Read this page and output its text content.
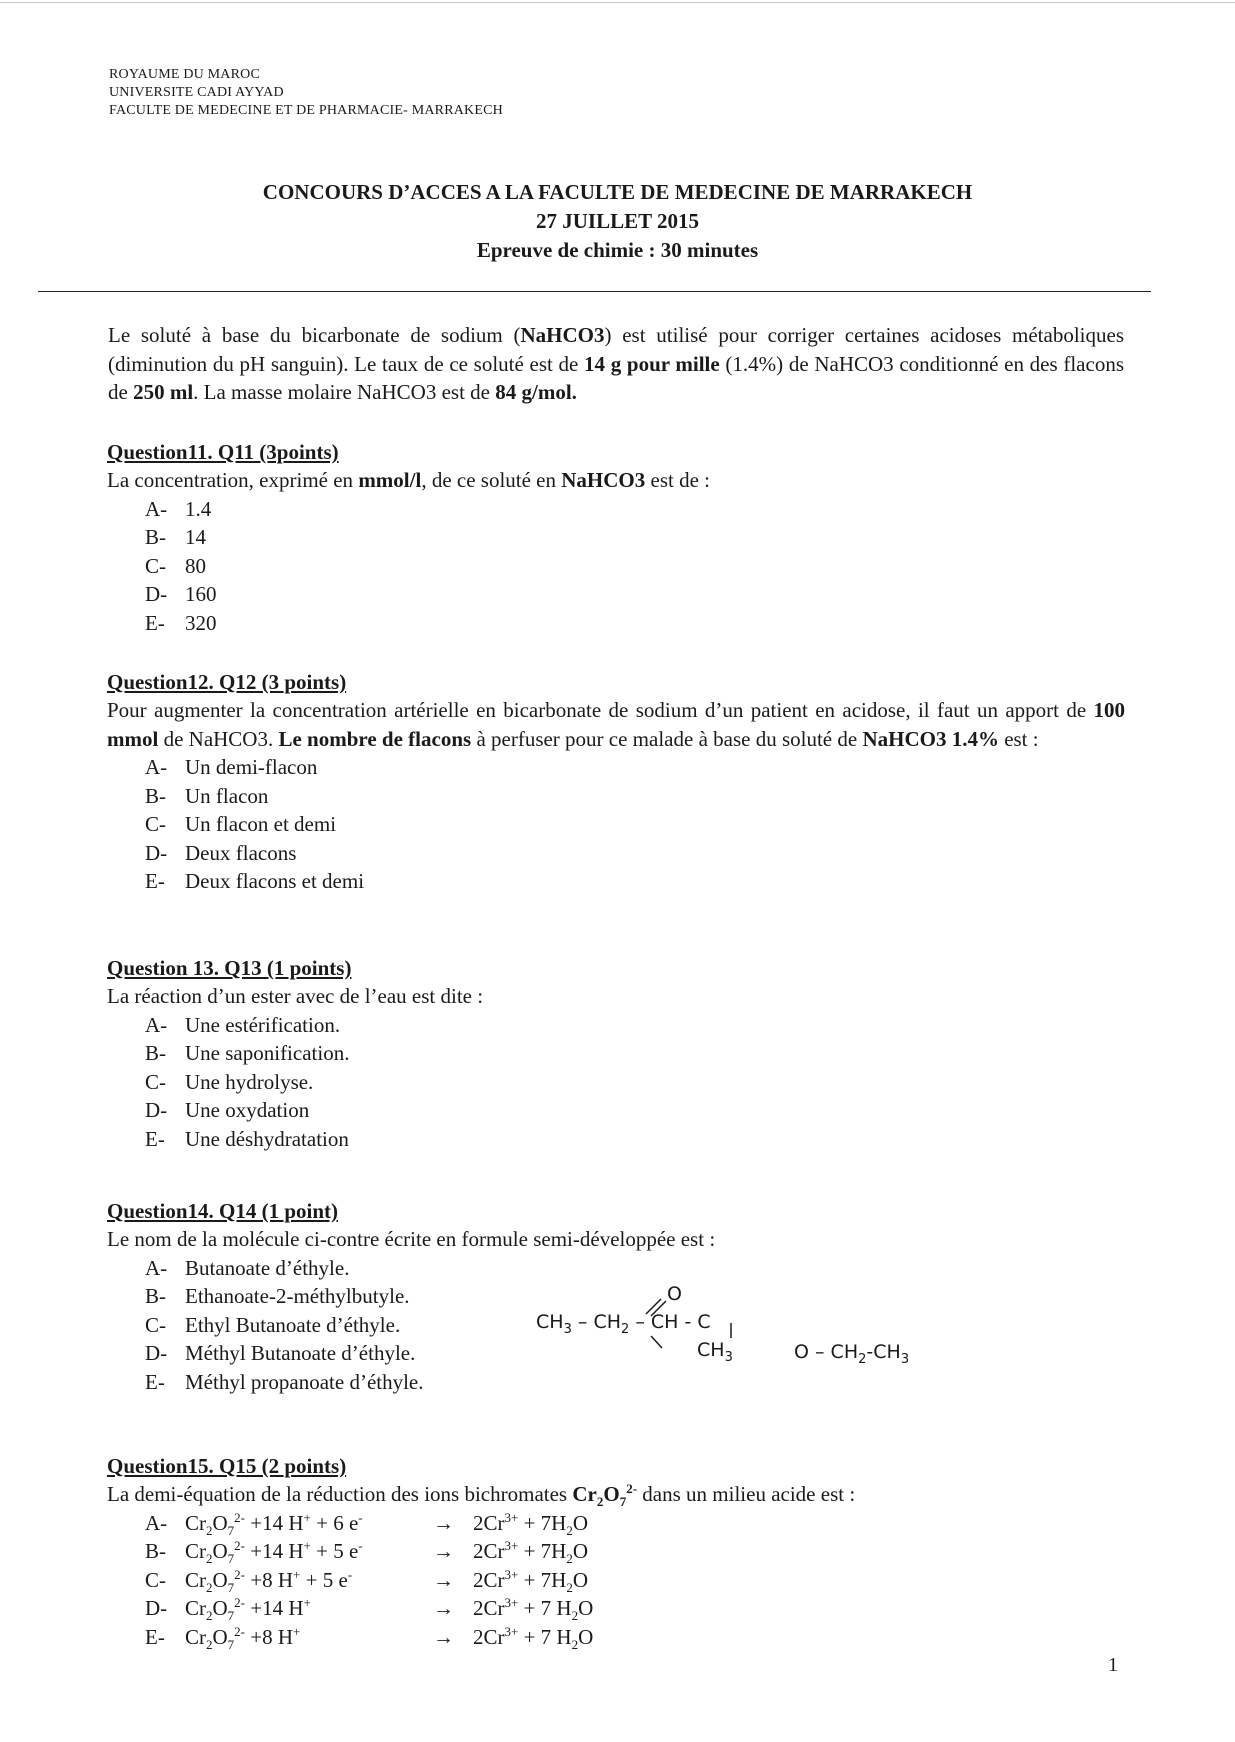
ROYAUME DU MAROC
UNIVERSITE CADI AYYAD
FACULTE DE MEDECINE ET DE PHARMACIE- MARRAKECH
CONCOURS D’ACCES A LA FACULTE DE MEDECINE DE MARRAKECH
27 JUILLET 2015
Epreuve de chimie : 30 minutes
Le soluté à base du bicarbonate de sodium (NaHCO3) est utilisé pour corriger certaines acidoses métaboliques (diminution du pH sanguin). Le taux de ce soluté est de 14 g pour mille (1.4%) de NaHCO3 conditionné en des flacons de 250 ml. La masse molaire NaHCO3 est de 84 g/mol.
Question11. Q11 (3points)
La concentration, exprimé en mmol/l, de ce soluté en NaHCO3 est de :
A- 1.4
B- 14
C- 80
D- 160
E- 320
Question12. Q12 (3 points)
Pour augmenter la concentration artérielle en bicarbonate de sodium d’un patient en acidose, il faut un apport de 100 mmol de NaHCO3. Le nombre de flacons à perfuser pour ce malade à base du soluté de NaHCO3 1.4% est :
A- Un demi-flacon
B- Un flacon
C- Un flacon et demi
D- Deux flacons
E- Deux flacons et demi
Question 13. Q13 (1 points)
La réaction d’un ester avec de l’eau est dite :
A- Une estérification.
B- Une saponification.
C- Une hydrolyse.
D- Une oxydation
E- Une déshydratation
Question14. Q14 (1 point)
Le nom de la molécule ci-contre écrite en formule semi-développée est :
A- Butanoate d’éthyle.
B- Ethanoate-2-méthylbutyle.
C- Ethyl Butanoate d’éthyle.
D- Méthyl Butanoate d’éthyle.
E- Méthyl propanoate d’éthyle.
O
$CH_3 - CH_2$ – CH - C
$CH_3$	O – $CH_2-CH_3$
Question15. Q15 (2 points)
La demi-équation de la réduction des ions bichromates $Cr_2O_7^{2-}$ dans un milieu acide est :
A- $Cr_2O_7^{2-} +14$ H+ + 6 e-	→ $2Cr^{3+} + 7H_2O$
B- $Cr_2O_7^{2-} +14$ H+ + 5 e-	→ $2Cr^{3+} + 7H_2O$
C- $Cr_2O_7^{2-} +8$ H+ + 5 e-	→ $2Cr^{3+} + 7H_2O$
D- $Cr_2O_7^{2-} +14$ H+	→ $2Cr^{3+} + 7$ $H_2O$
E- $Cr_2O_7^{2-} +8$ H+	→ $2Cr^{3+} + 7$ $H_2O$
1
